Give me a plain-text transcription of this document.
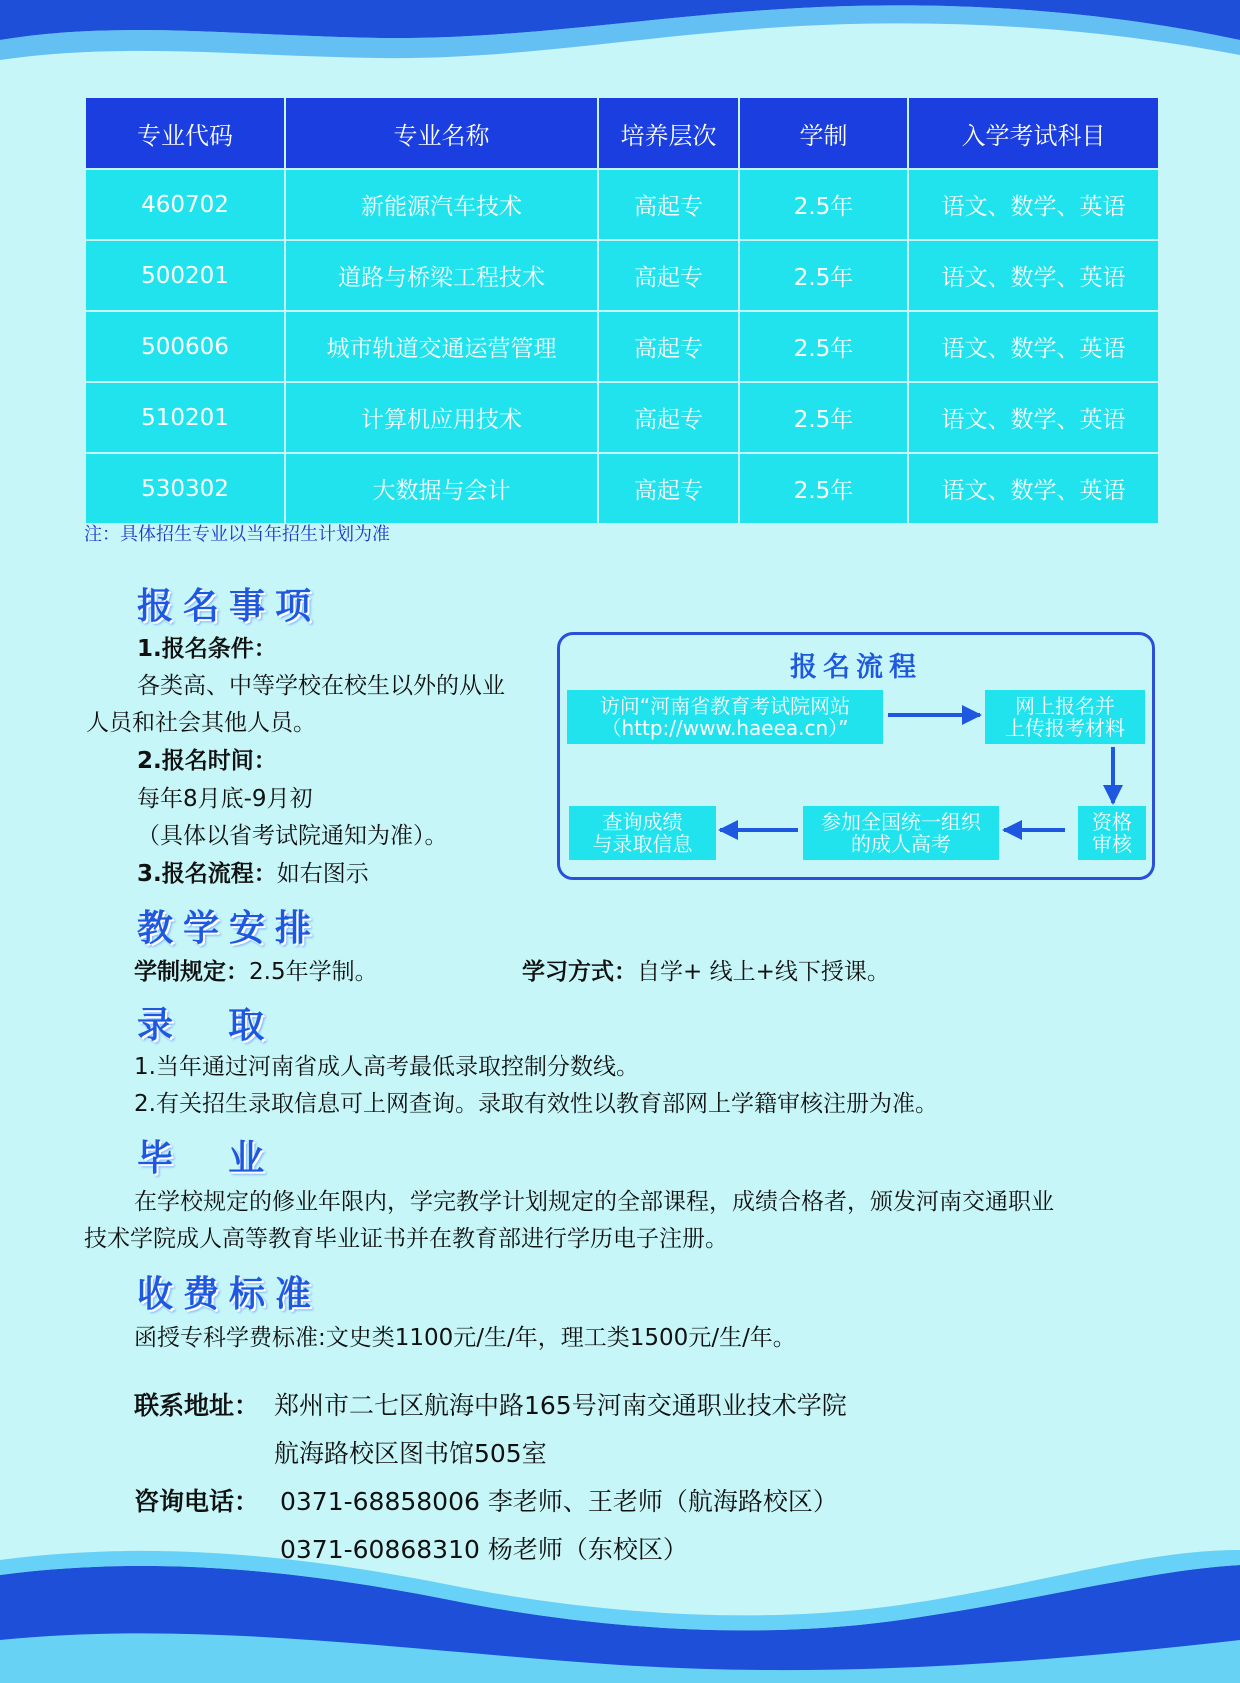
专业代码	专业名称	培养层次	学制	入学考试科目
460702	新能源汽车技术	高起专	2.5年	语文、数学、英语
500201	道路与桥梁工程技术	高起专	2.5年	语文、数学、英语
500606	城市轨道交通运营管理	高起专	2.5年	语文、数学、英语
510201	计算机应用技术	高起专	2.5年	语文、数学、英语
530302	大数据与会计	高起专	2.5年	语文、数学、英语
注：具体招生专业以当年招生计划为准
报名事项
1.报名条件：
各类高、中等学校在校生以外的从业
人员和社会其他人员。
2.报名时间：
每年8月底-9月初
（具体以省考试院通知为准）。
3.报名流程：如右图示
报名流程
访问“河南省教育考试院网站
（http://www.haeea.cn）”
网上报名并
上传报考材料
资格
审核
参加全国统一组织
的成人高考
查询成绩
与录取信息
教学安排
学制规定：2.5年学制。	学习方式：自学+ 线上+线下授课。
录  取
1.当年通过河南省成人高考最低录取控制分数线。
2.有关招生录取信息可上网查询。录取有效性以教育部网上学籍审核注册为准。
毕  业
在学校规定的修业年限内，学完教学计划规定的全部课程，成绩合格者，颁发河南交通职业
技术学院成人高等教育毕业证书并在教育部进行学历电子注册。
收费标准
函授专科学费标准:文史类1100元/生/年，理工类1500元/生/年。
联系地址： 郑州市二七区航海中路165号河南交通职业技术学院
航海路校区图书馆505室
咨询电话： 0371-68858006 李老师、王老师（航海路校区）
0371-60868310 杨老师（东校区）
